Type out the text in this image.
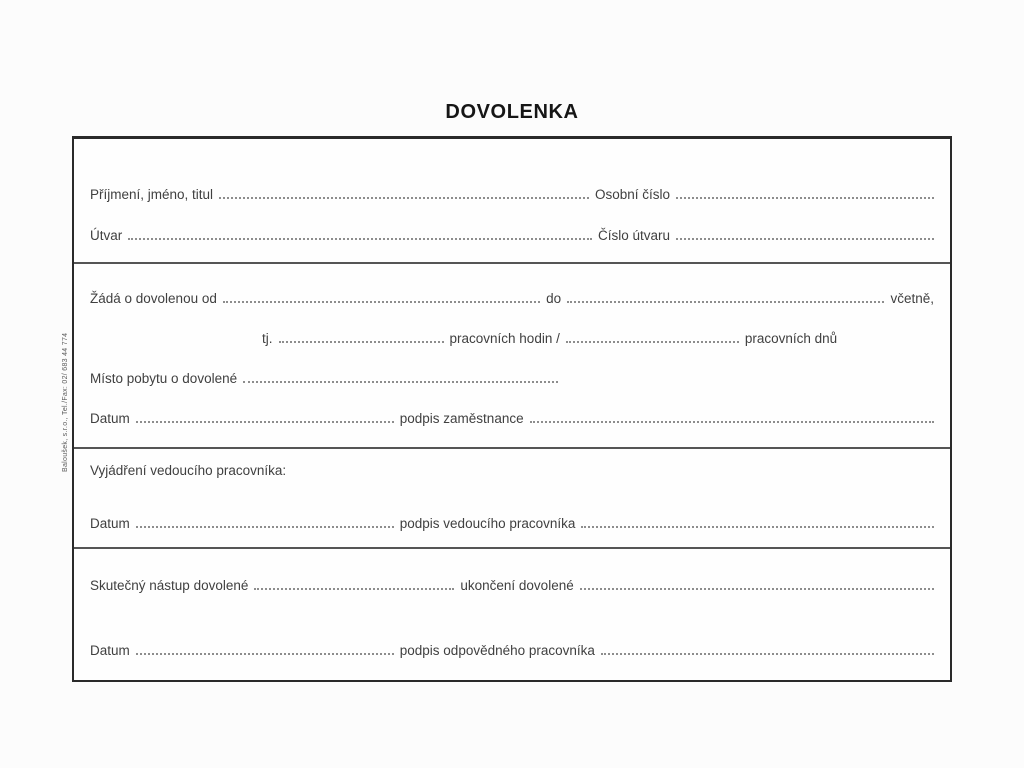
DOVOLENKA
Baloušek, s.r.o., Tel./Fax: 02/ 683 44 774
Příjmení, jméno, titul	Osobní číslo
Útvar	Číslo útvaru
Žádá o dovolenou od	do	včetně,
tj.	pracovních hodin /	pracovních dnů
Místo pobytu o dovolené
Datum	podpis zaměstnance
Vyjádření vedoucího pracovníka:
Datum	podpis vedoucího pracovníka
Skutečný nástup dovolené	ukončení dovolené
Datum	podpis odpovědného pracovníka
